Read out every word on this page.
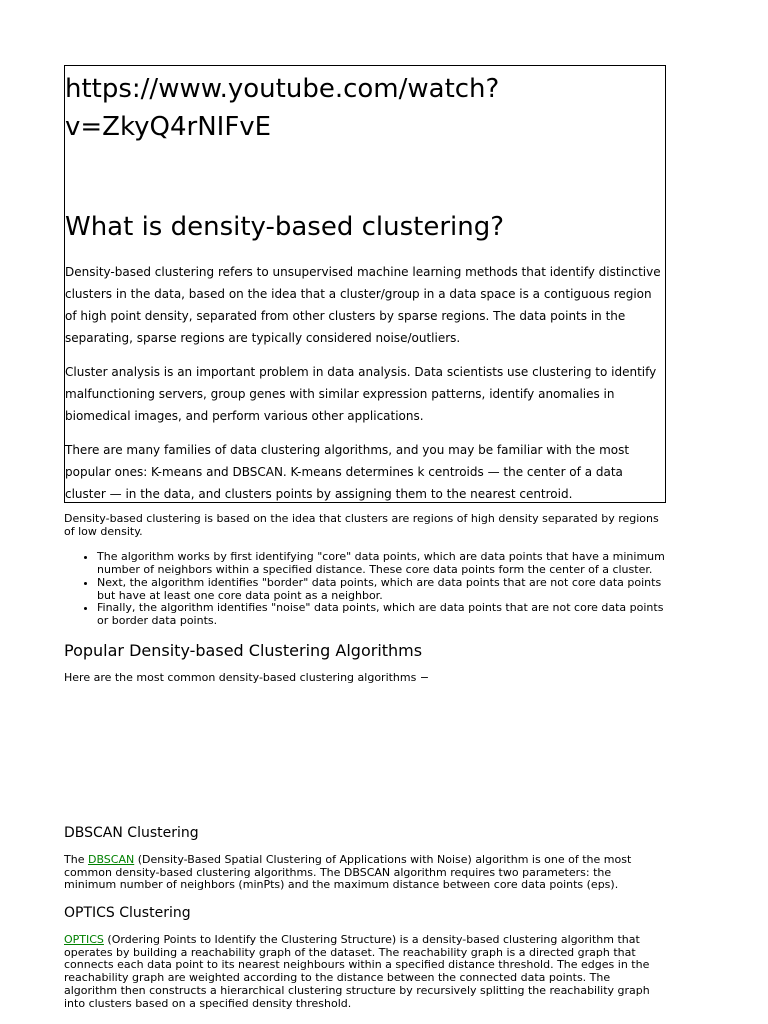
https://www.youtube.com/watch?v=ZkyQ4rNIFvE
What is density-based clustering?

Density-based clustering refers to unsupervised machine learning methods that identify distinctive clusters in the data, based on the idea that a cluster/group in a data space is a contiguous region of high point density, separated from other clusters by sparse regions. The data points in the separating, sparse regions are typically considered noise/outliers.

Cluster analysis is an important problem in data analysis. Data scientists use clustering to identify malfunctioning servers, group genes with similar expression patterns, identify anomalies in biomedical images, and perform various other applications.

There are many families of data clustering algorithms, and you may be familiar with the most popular ones: K-means and DBSCAN. K-means determines k centroids — the center of a data cluster — in the data, and clusters points by assigning them to the nearest centroid.

Density-based clustering is based on the idea that clusters are regions of high density separated by regions of low density.

• The algorithm works by first identifying "core" data points, which are data points that have a minimum number of neighbors within a specified distance. These core data points form the center of a cluster.
• Next, the algorithm identifies "border" data points, which are data points that are not core data points but have at least one core data point as a neighbor.
• Finally, the algorithm identifies "noise" data points, which are data points that are not core data points or border data points.
Popular Density-based Clustering Algorithms

Here are the most common density-based clustering algorithms −

DBSCAN Clustering

The DBSCAN (Density-Based Spatial Clustering of Applications with Noise) algorithm is one of the most common density-based clustering algorithms. The DBSCAN algorithm requires two parameters: the minimum number of neighbors (minPts) and the maximum distance between core data points (eps).

OPTICS Clustering

OPTICS (Ordering Points to Identify the Clustering Structure) is a density-based clustering algorithm that operates by building a reachability graph of the dataset. The reachability graph is a directed graph that connects each data point to its nearest neighbours within a specified distance threshold. The edges in the reachability graph are weighted according to the distance between the connected data points. The algorithm then constructs a hierarchical clustering structure by recursively splitting the reachability graph into clusters based on a specified density threshold.
